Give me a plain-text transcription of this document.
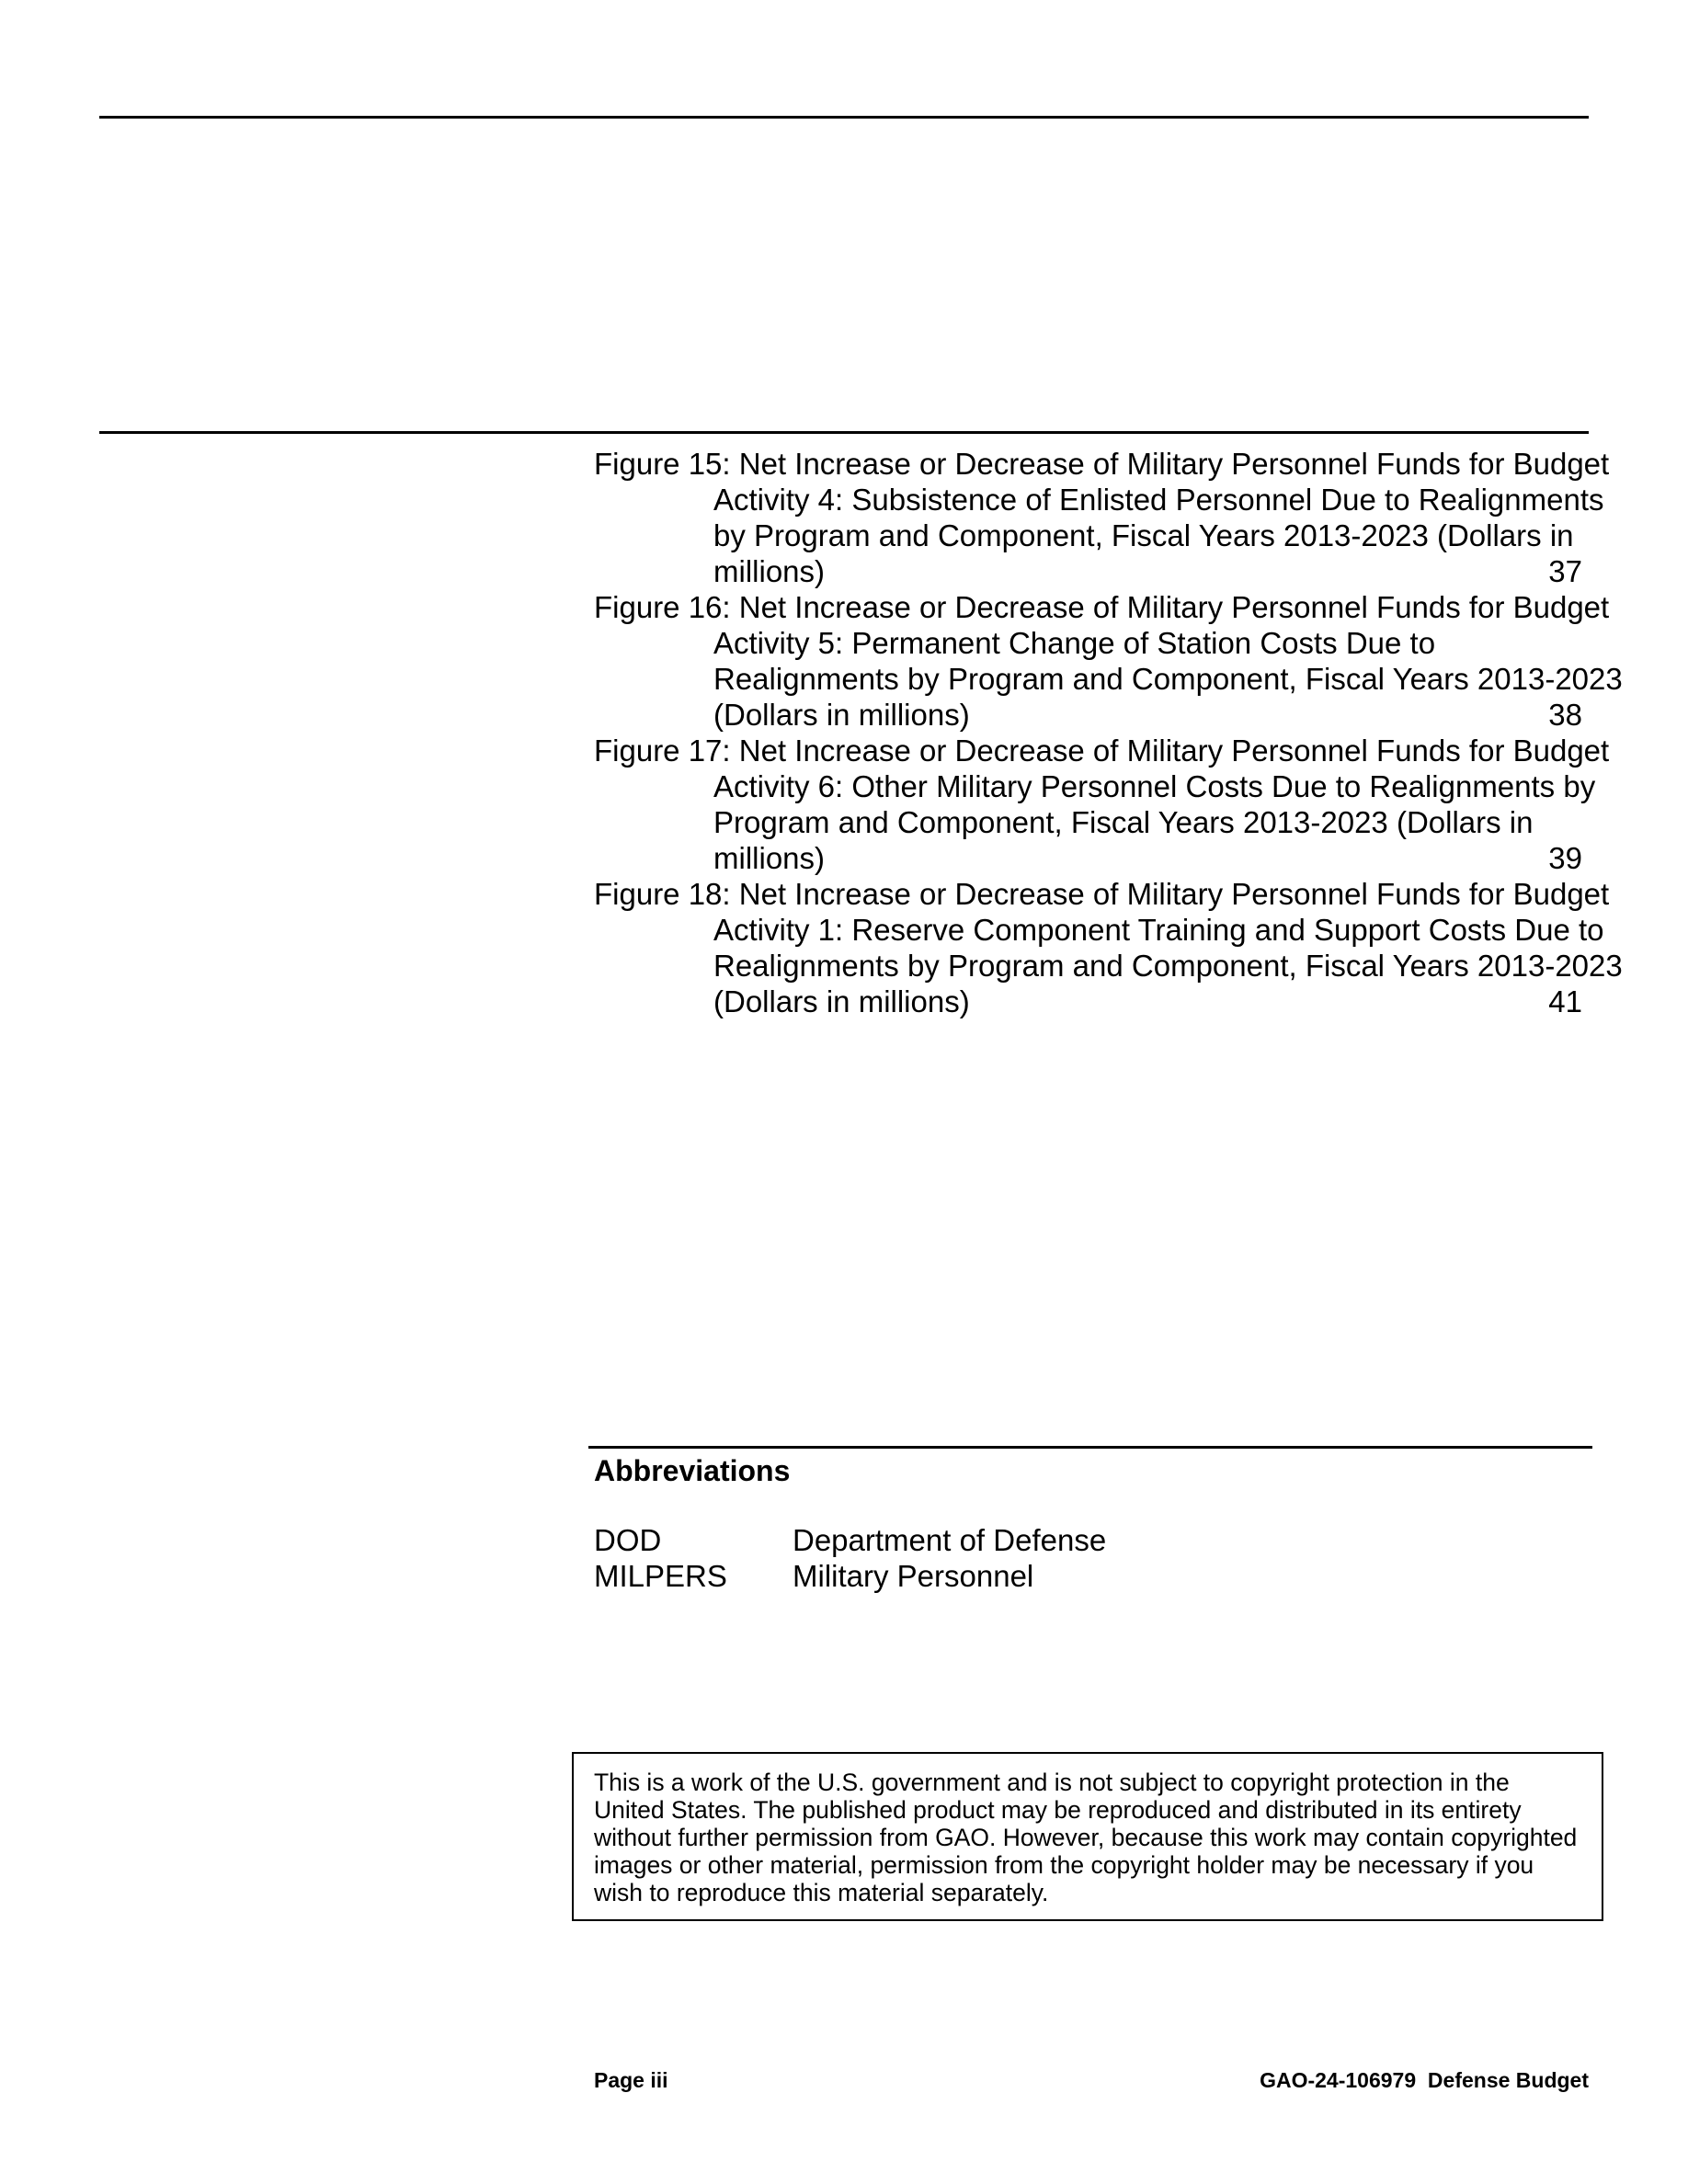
Figure 15: Net Increase or Decrease of Military Personnel Funds for Budget Activity 4: Subsistence of Enlisted Personnel Due to Realignments by Program and Component, Fiscal Years 2013-2023 (Dollars in millions)	37
Figure 16: Net Increase or Decrease of Military Personnel Funds for Budget Activity 5: Permanent Change of Station Costs Due to Realignments by Program and Component, Fiscal Years 2013-2023 (Dollars in millions)	38
Figure 17: Net Increase or Decrease of Military Personnel Funds for Budget Activity 6: Other Military Personnel Costs Due to Realignments by Program and Component, Fiscal Years 2013-2023 (Dollars in millions)	39
Figure 18: Net Increase or Decrease of Military Personnel Funds for Budget Activity 1: Reserve Component Training and Support Costs Due to Realignments by Program and Component, Fiscal Years 2013-2023 (Dollars in millions)	41
Abbreviations
DOD	Department of Defense
MILPERS	Military Personnel
This is a work of the U.S. government and is not subject to copyright protection in the United States. The published product may be reproduced and distributed in its entirety without further permission from GAO. However, because this work may contain copyrighted images or other material, permission from the copyright holder may be necessary if you wish to reproduce this material separately.
Page iii	GAO-24-106979  Defense Budget
